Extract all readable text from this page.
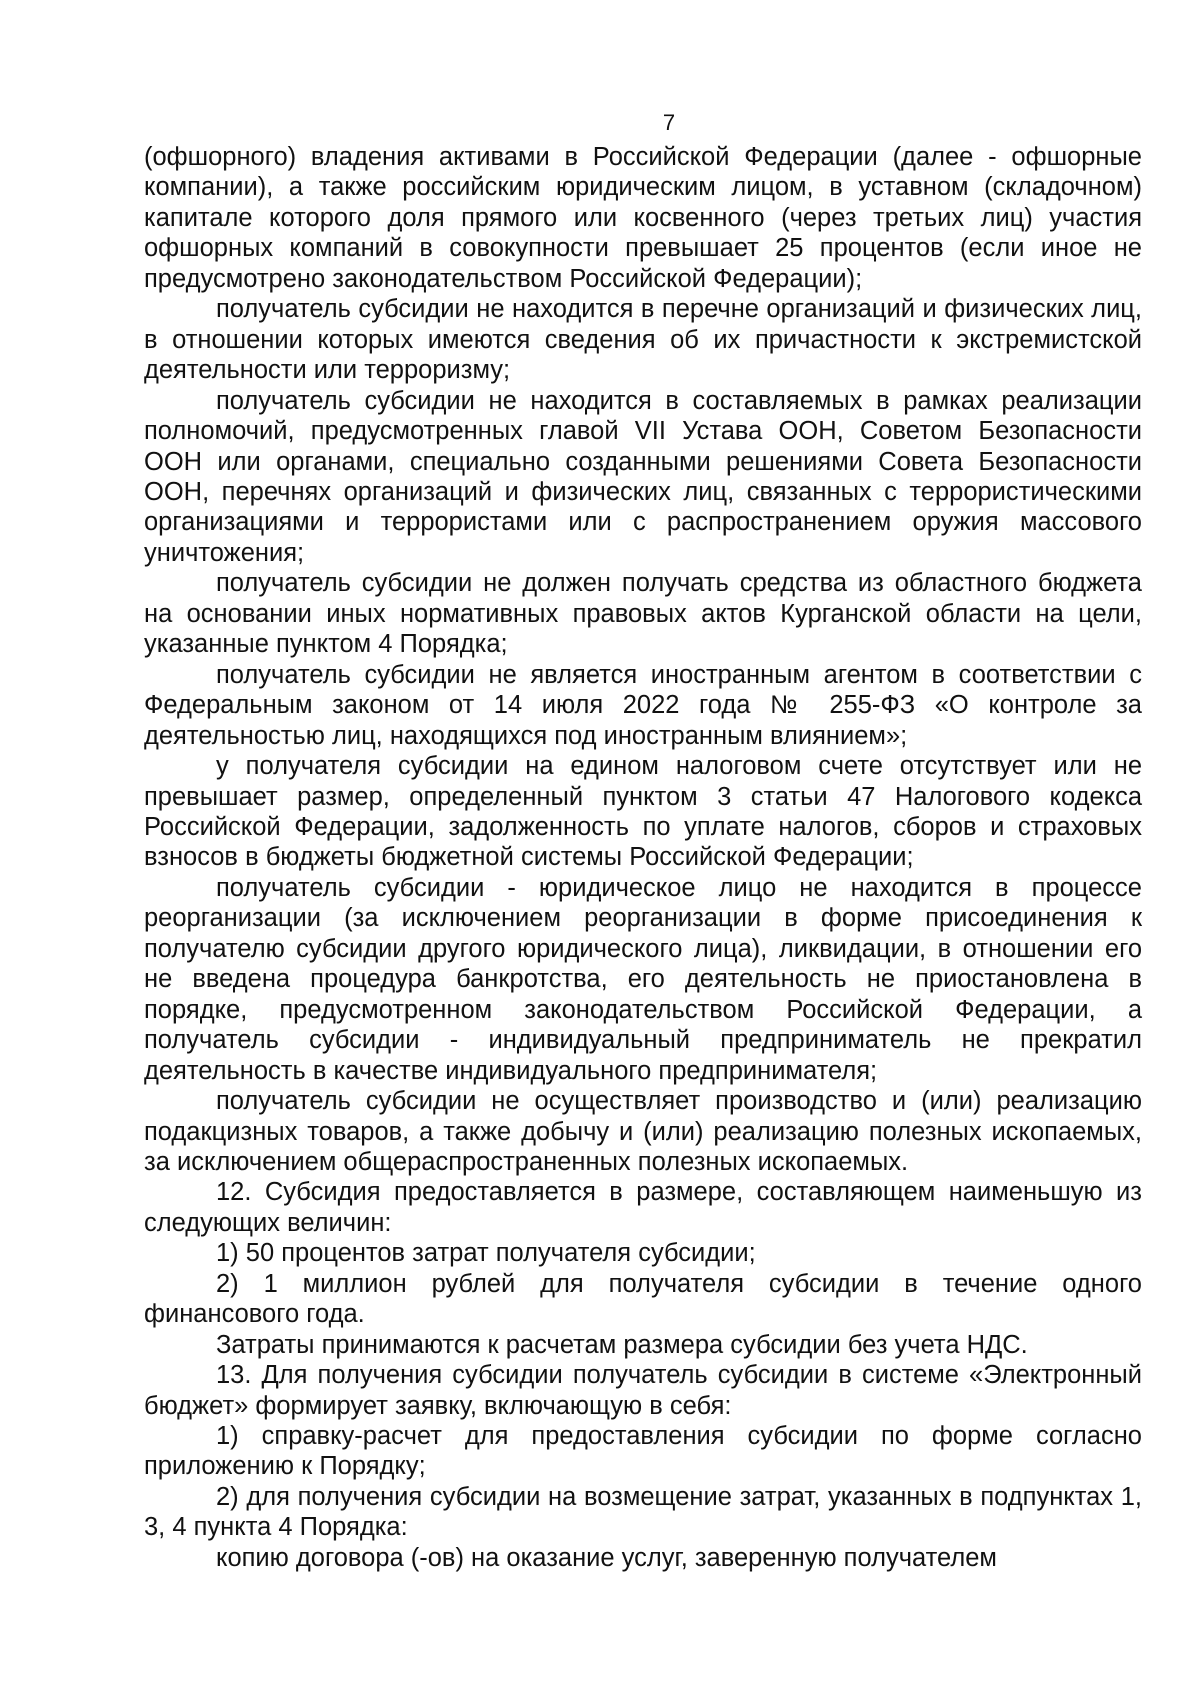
7

(офшорного) владения активами в Российской Федерации (далее - офшорные компании), а также российским юридическим лицом, в уставном (складочном) капитале которого доля прямого или косвенного (через третьих лиц) участия офшорных компаний в совокупности превышает 25 процентов (если иное не предусмотрено законодательством Российской Федерации);

получатель субсидии не находится в перечне организаций и физических лиц, в отношении которых имеются сведения об их причастности к экстремистской деятельности или терроризму;

получатель субсидии не находится в составляемых в рамках реализации полномочий, предусмотренных главой VII Устава ООН, Советом Безопасности ООН или органами, специально созданными решениями Совета Безопасности ООН, перечнях организаций и физических лиц, связанных с террористическими организациями и террористами или с распространением оружия массового уничтожения;

получатель субсидии не должен получать средства из областного бюджета на основании иных нормативных правовых актов Курганской области на цели, указанные пунктом 4 Порядка;

получатель субсидии не является иностранным агентом в соответствии с Федеральным законом от 14 июля 2022 года № 255-ФЗ «О контроле за деятельностью лиц, находящихся под иностранным влиянием»;

у получателя субсидии на едином налоговом счете отсутствует или не превышает размер, определенный пунктом 3 статьи 47 Налогового кодекса Российской Федерации, задолженность по уплате налогов, сборов и страховых взносов в бюджеты бюджетной системы Российской Федерации;

получатель субсидии - юридическое лицо не находится в процессе реорганизации (за исключением реорганизации в форме присоединения к получателю субсидии другого юридического лица), ликвидации, в отношении его не введена процедура банкротства, его деятельность не приостановлена в порядке, предусмотренном законодательством Российской Федерации, а получатель субсидии - индивидуальный предприниматель не прекратил деятельность в качестве индивидуального предпринимателя;

получатель субсидии не осуществляет производство и (или) реализацию подакцизных товаров, а также добычу и (или) реализацию полезных ископаемых, за исключением общераспространенных полезных ископаемых.

12. Субсидия предоставляется в размере, составляющем наименьшую из следующих величин:

1) 50 процентов затрат получателя субсидии;

2) 1 миллион рублей для получателя субсидии в течение одного финансового года.

Затраты принимаются к расчетам размера субсидии без учета НДС.

13. Для получения субсидии получатель субсидии в системе «Электронный бюджет» формирует заявку, включающую в себя:

1) справку-расчет для предоставления субсидии по форме согласно приложению к Порядку;

2) для получения субсидии на возмещение затрат, указанных в подпунктах 1, 3, 4 пункта 4 Порядка:

копию договора (-ов) на оказание услуг, заверенную получателем
